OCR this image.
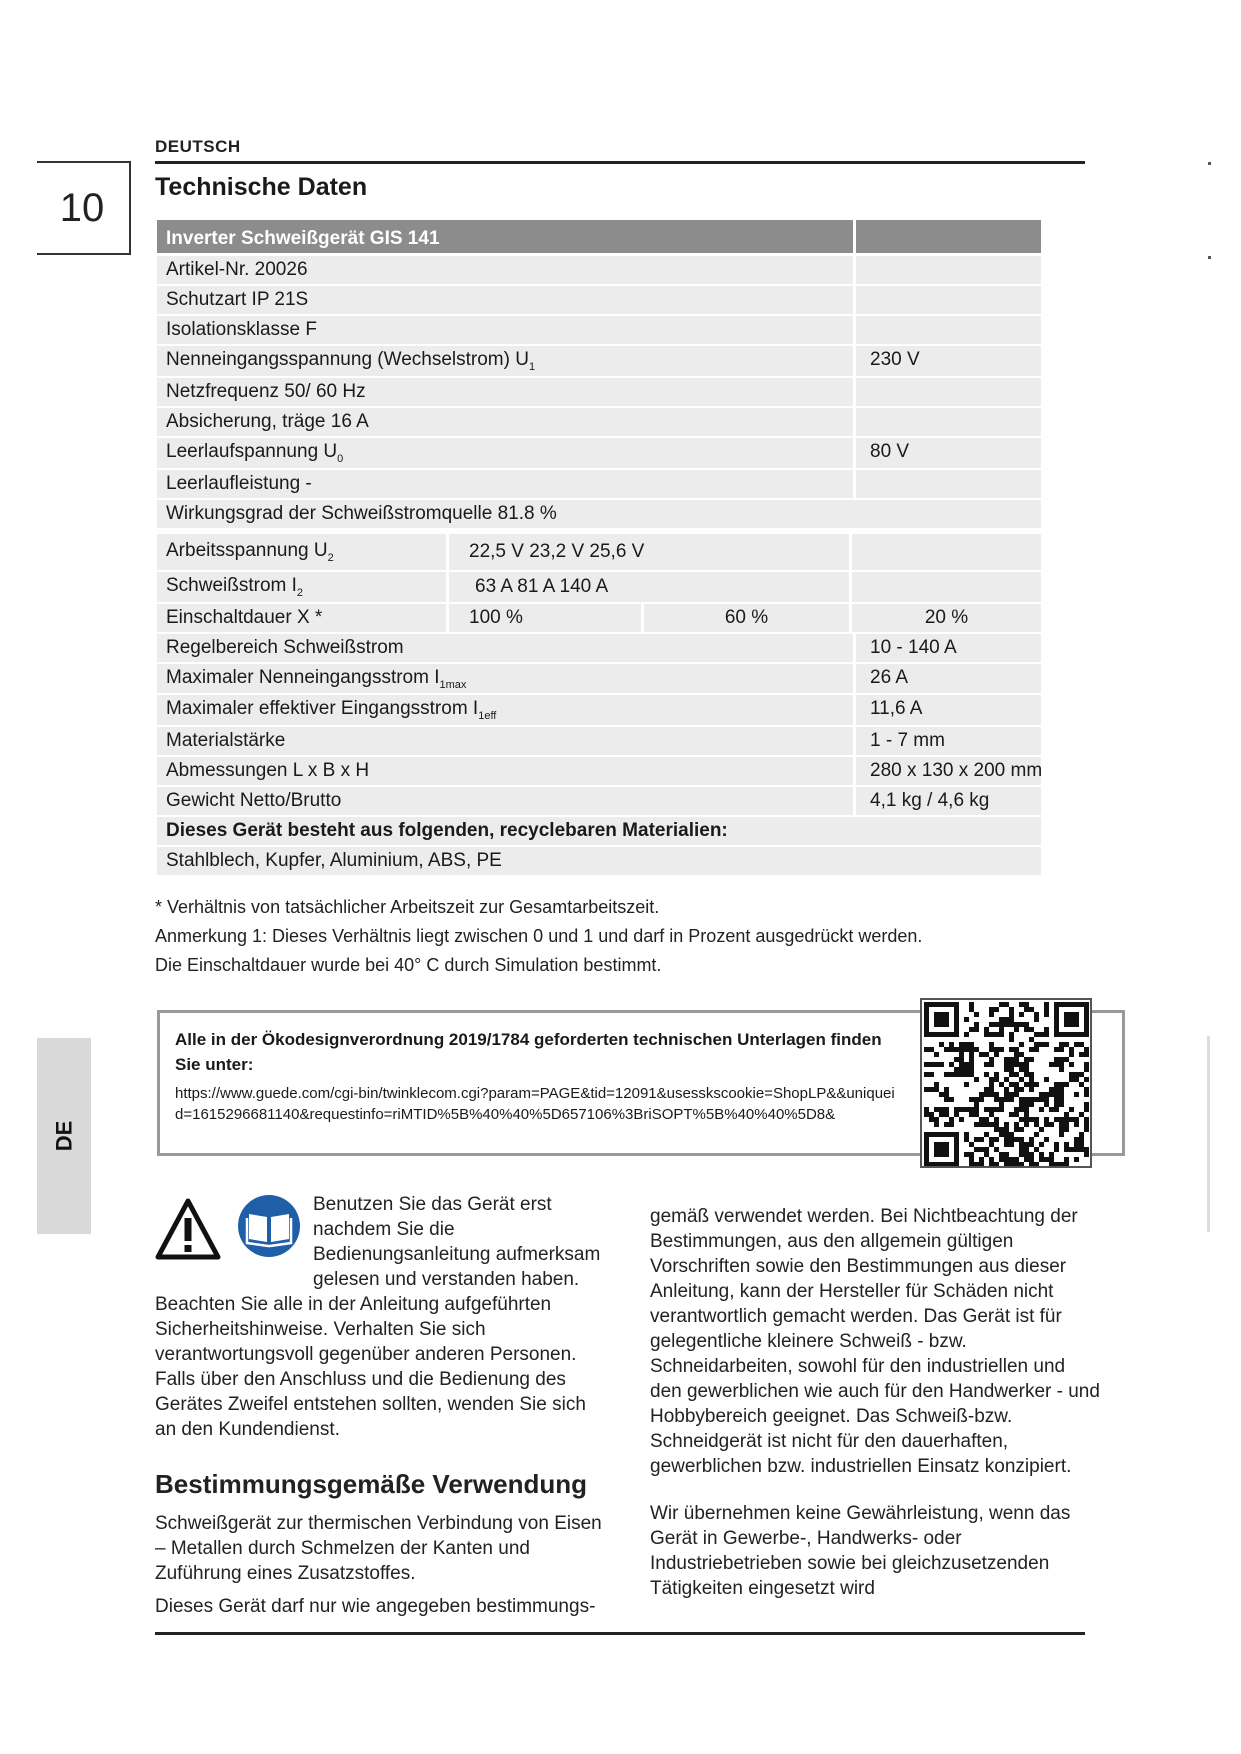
DEUTSCH
10	Technische Daten
Inverter Schweißgerät GIS 141
Artikel-Nr. 20026
Schutzart IP 21S
Isolationsklasse F
Nenneingangsspannung (Wechselstrom) $U_1$	230 V
Netzfrequenz 50/ 60 Hz
Absicherung, träge 16 A
Leerlaufspannung $U_0$	80 V
Leerlaufleistung -
Wirkungsgrad der Schweißstromquelle 81.8 %
Arbeitsspannung $U_2$	22,5 V 23,2 V 25,6 V
Schweißstrom $I_2$	63 A 81 A 140 A
Einschaltdauer X *	100 %	60 %	20 %
Regelbereich Schweißstrom	10 - 140 A
Maximaler Nenneingangsstrom $I_{1max}$	26 A
Maximaler effektiver Eingangsstrom $I_{1eff}$	11,6 A
Materialstärke	1 - 7 mm
Abmessungen L x B x H	280 x 130 x 200 mm
Gewicht Netto/Brutto	4,1 kg / 4,6 kg
Dieses Gerät besteht aus folgenden, recyclebaren Materialien:
Stahlblech, Kupfer, Aluminium, ABS, PE
* Verhältnis von tatsächlicher Arbeitszeit zur Gesamtarbeitszeit.
Anmerkung 1: Dieses Verhältnis liegt zwischen 0 und 1 und darf in Prozent ausgedrückt werden.
Die Einschaltdauer wurde bei 40° C durch Simulation bestimmt.
Alle in der Ökodesignverordnung 2019/1784 geforderten technischen Unterlagen finden Sie unter:
https://www.guede.com/cgi-bin/twinklecom.cgi?param=PAGE&tid=12091&usesskscookie=ShopLP&&uniqueid=1615296681140&requestinfo=riMTID%5B%40%40%5D657106%3BriSOPT%5B%40%40%5D8&
DE

Benutzen Sie das Gerät erst nachdem Sie die Bedienungsanleitung aufmerksam gelesen und verstanden haben. Beachten Sie alle in der Anleitung aufgeführten Sicherheitshinweise. Verhalten Sie sich verantwortungsvoll gegenüber anderen Personen. Falls über den Anschluss und die Bedienung des Gerätes Zweifel entstehen sollten, wenden Sie sich an den Kundendienst.

Bestimmungsgemäße Verwendung

Schweißgerät zur thermischen Verbindung von Eisen – Metallen durch Schmelzen der Kanten und Zuführung eines Zusatzstoffes.

Dieses Gerät darf nur wie angegeben bestimmungs-

gemäß verwendet werden. Bei Nichtbeachtung der Bestimmungen, aus den allgemein gültigen Vorschriften sowie den Bestimmungen aus dieser Anleitung, kann der Hersteller für Schäden nicht verantwortlich gemacht werden. Das Gerät ist für gelegentliche kleinere Schweiß - bzw. Schneidarbeiten, sowohl für den industriellen und den gewerblichen wie auch für den Handwerker - und Hobbybereich geeignet. Das Schweiß-bzw. Schneidgerät ist nicht für den dauerhaften, gewerblichen bzw. industriellen Einsatz konzipiert.

Wir übernehmen keine Gewährleistung, wenn das Gerät in Gewerbe-, Handwerks- oder Industriebetrieben sowie bei gleichzusetzenden Tätigkeiten eingesetzt wird
